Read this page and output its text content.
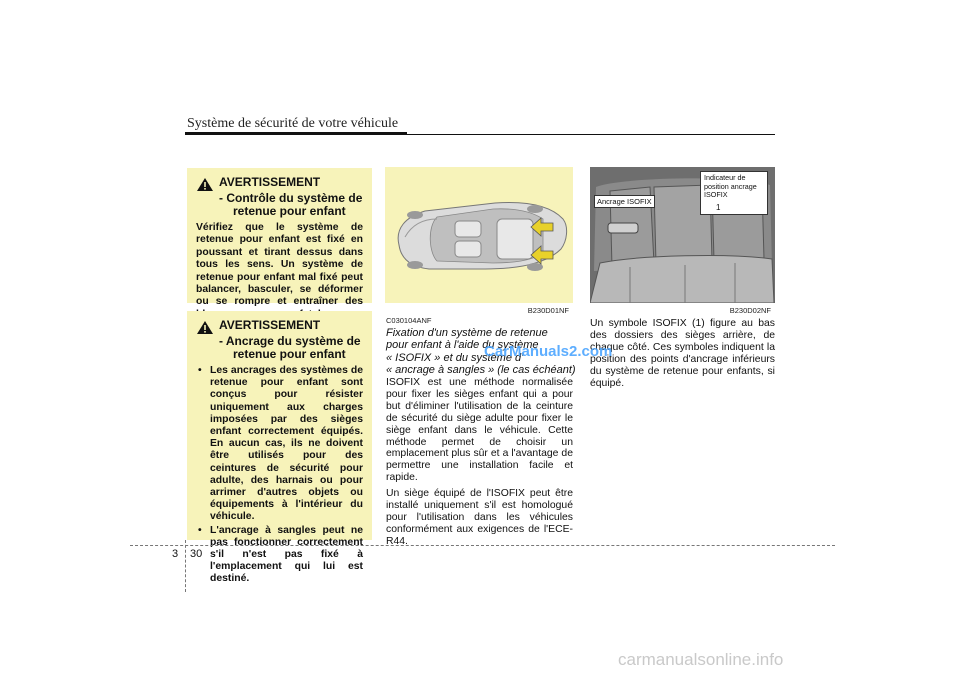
Système de sécurité de votre véhicule
AVERTISSEMENT
- Contrôle du système de
retenue pour enfant
Vérifiez que le système de retenue pour enfant est fixé en poussant et tirant dessus dans tous les sens. Un système de retenue pour enfant mal fixé peut balancer, basculer, se déformer ou se rompre et entraîner des
AVERTISSEMENT
- Ancrage du système de
retenue pour enfant
• Les ancrages des systèmes de retenue pour enfant sont conçus pour résister uniquement aux charges imposées par des sièges enfant correctement équipés. En aucun cas, ils ne doivent être utilisés pour des ceintures de sécurité pour adulte, des harnais ou pour arrimer d'autres objets ou équipements à l'intérieur du véhicule.
• L'ancrage à sangles peut ne pas fonctionner correctement s'il n'est pas fixé à l'emplacement qui lui est destiné.
B230D01NF
C030104ANF
Fixation d'un système de retenue
pour enfant à l'aide du système
« ISOFIX » et du système d'
« ancrage à sangles » (le cas échéant)

ISOFIX est une méthode normalisée pour fixer les sièges enfant qui a pour but d'éliminer l'utilisation de la ceinture de sécurité du siège adulte pour fixer le siège enfant dans le véhicule. Cette méthode permet de choisir un emplacement plus sûr et a l'avantage de permettre une installation facile et rapide.

Un siège équipé de l'ISOFIX peut être installé uniquement s'il est homologué pour l'utilisation dans les véhicules conformément aux exigences de l'ECE-R44.

Ancrage ISOFIX
Indicateur de
position ancrage
ISOFIX
1
B230D02NF

Un symbole ISOFIX (1) figure au bas des dossiers des sièges arrière, de chaque côté. Ces symboles indiquent la position des points d'ancrage inférieurs du système de retenue pour enfants, si équipé.

CarManuals2.com
3 30
carmanualsonline.info
